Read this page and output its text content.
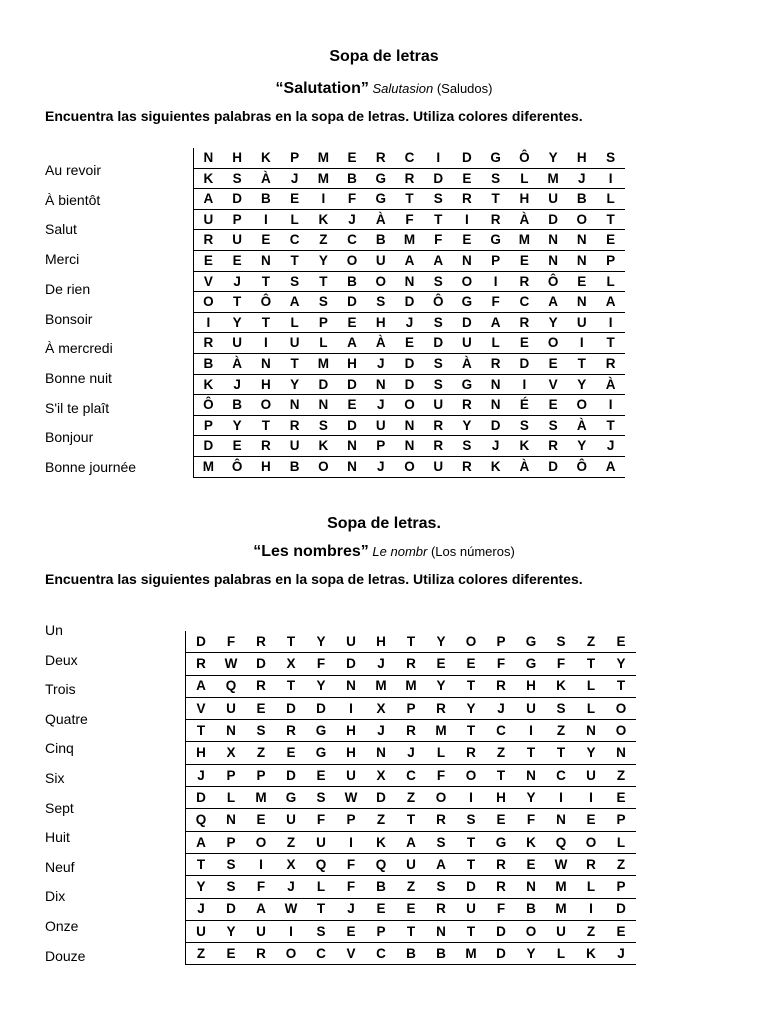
Sopa de letras
“Salutation” Salutasion (Saludos)
Encuentra las siguientes palabras en la sopa de letras. Utiliza colores diferentes.
Au revoir
À bientôt
Salut
Merci
De rien
Bonsoir
À mercredi
Bonne nuit
S'il te plaît
Bonjour
Bonne journée
N	H	K	P	M	E	R	C	I	D	G	Ô	Y	H	S
K	S	À	J	M	B	G	R	D	E	S	L	M	J	I
A	D	B	E	I	F	G	T	S	R	T	H	U	B	L
U	P	I	L	K	J	À	F	T	I	R	À	D	O	T
R	U	E	C	Z	C	B	M	F	E	G	M	N	N	E
E	E	N	T	Y	O	U	A	A	N	P	E	N	N	P
V	J	T	S	T	B	O	N	S	O	I	R	Ô	E	L
O	T	Ô	A	S	D	S	D	Ô	G	F	C	A	N	A
I	Y	T	L	P	E	H	J	S	D	A	R	Y	U	I
R	U	I	U	L	A	À	E	D	U	L	E	O	I	T
B	À	N	T	M	H	J	D	S	À	R	D	E	T	R
K	J	H	Y	D	D	N	D	S	G	N	I	V	Y	À
Ô	B	O	N	N	E	J	O	U	R	N	É	E	O	I
P	Y	T	R	S	D	U	N	R	Y	D	S	S	À	T
D	E	R	U	K	N	P	N	R	S	J	K	R	Y	J
M	Ô	H	B	O	N	J	O	U	R	K	À	D	Ô	A
Sopa de letras.
“Les nombres” Le nombr (Los números)
Encuentra las siguientes palabras en la sopa de letras. Utiliza colores diferentes.
Un
Deux
Trois
Quatre
Cinq
Six
Sept
Huit
Neuf
Dix
Onze
Douze
D	F	R	T	Y	U	H	T	Y	O	P	G	S	Z	E
R	W	D	X	F	D	J	R	E	E	F	G	F	T	Y
A	Q	R	T	Y	N	M	M	Y	T	R	H	K	L	T
V	U	E	D	D	I	X	P	R	Y	J	U	S	L	O
T	N	S	R	G	H	J	R	M	T	C	I	Z	N	O
H	X	Z	E	G	H	N	J	L	R	Z	T	T	Y	N
J	P	P	D	E	U	X	C	F	O	T	N	C	U	Z
D	L	M	G	S	W	D	Z	O	I	H	Y	I	I	E
Q	N	E	U	F	P	Z	T	R	S	E	F	N	E	P
A	P	O	Z	U	I	K	A	S	T	G	K	Q	O	L
T	S	I	X	Q	F	Q	U	A	T	R	E	W	R	Z
Y	S	F	J	L	F	B	Z	S	D	R	N	M	L	P
J	D	A	W	T	J	E	E	R	U	F	B	M	I	D
U	Y	U	I	S	E	P	T	N	T	D	O	U	Z	E
Z	E	R	O	C	V	C	B	B	M	D	Y	L	K	J
